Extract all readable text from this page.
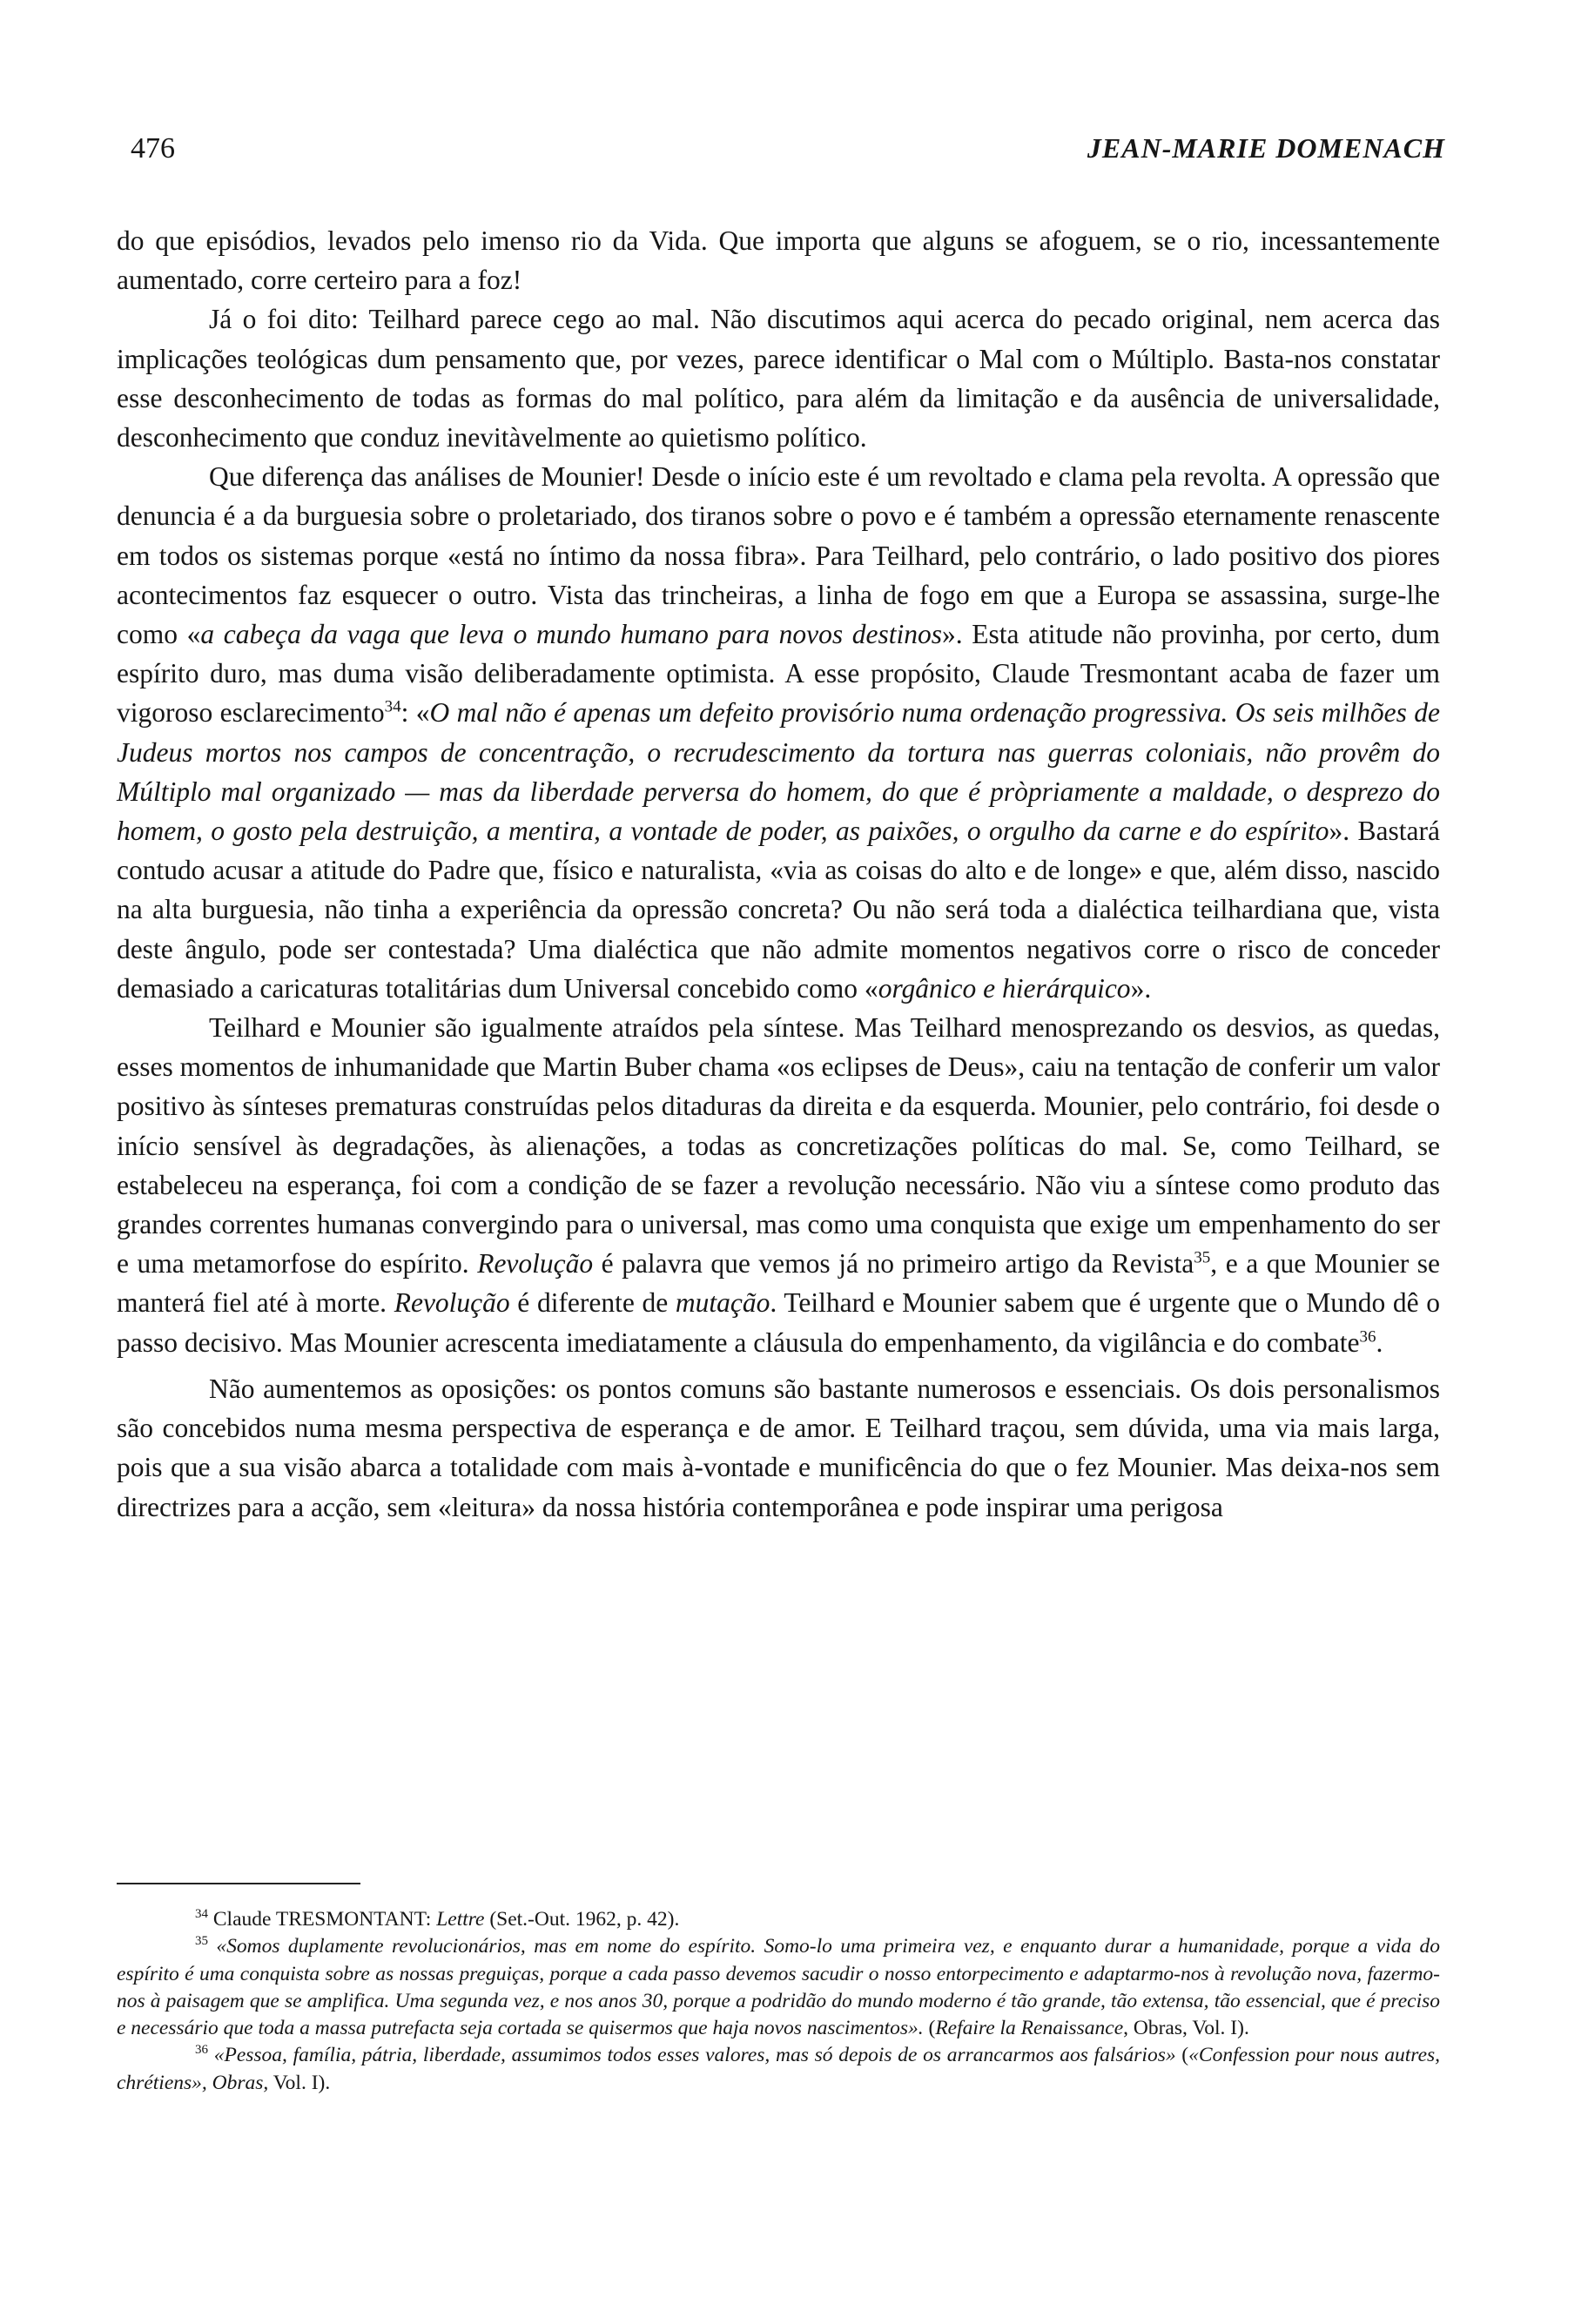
476	JEAN-MARIE DOMENACH

do que episódios, levados pelo imenso rio da Vida. Que importa que alguns se afoguem, se o rio, incessantemente aumentado, corre certeiro para a foz!

Já o foi dito: Teilhard parece cego ao mal. Não discutimos aqui acerca do pecado original, nem acerca das implicações teológicas dum pensamento que, por vezes, parece identificar o Mal com o Múltiplo. Basta-nos constatar esse desconhecimento de todas as formas do mal político, para além da limitação e da ausência de universalidade, desconhecimento que conduz inevitàvelmente ao quietismo político.

Que diferença das análises de Mounier! Desde o início este é um revoltado e clama pela revolta. A opressão que denuncia é a da burguesia sobre o proletariado, dos tiranos sobre o povo e é também a opressão eternamente renascente em todos os sistemas porque «está no íntimo da nossa fibra». Para Teilhard, pelo contrário, o lado positivo dos piores acontecimentos faz esquecer o outro. Vista das trincheiras, a linha de fogo em que a Europa se assassina, surge-lhe como «a cabeça da vaga que leva o mundo humano para novos destinos». Esta atitude não provinha, por certo, dum espírito duro, mas duma visão deliberadamente optimista. A esse propósito, Claude Tresmontant acaba de fazer um vigoroso esclarecimento$^{34}$: «O mal não é apenas um defeito provisório numa ordenação progressiva. Os seis milhões de Judeus mortos nos campos de concentração, o recrudescimento da tortura nas guerras coloniais, não provêm do Múltiplo mal organizado — mas da liberdade perversa do homem, do que é pròpriamente a maldade, o desprezo do homem, o gosto pela destruição, a mentira, a vontade de poder, as paixões, o orgulho da carne e do espírito». Bastará contudo acusar a atitude do Padre que, físico e naturalista, «via as coisas do alto e de longe» e que, além disso, nascido na alta burguesia, não tinha a experiência da opressão concreta? Ou não será toda a dialéctica teilhardiana que, vista deste ângulo, pode ser contestada? Uma dialéctica que não admite momentos negativos corre o risco de conceder demasiado a caricaturas totalitárias dum Universal concebido como «orgânico e hierárquico».

Teilhard e Mounier são igualmente atraídos pela síntese. Mas Teilhard menosprezando os desvios, as quedas, esses momentos de inhumanidade que Martin Buber chama «os eclipses de Deus», caiu na tentação de conferir um valor positivo às sínteses prematuras construídas pelos ditaduras da direita e da esquerda. Mounier, pelo contrário, foi desde o início sensível às degradações, às alienações, a todas as concretizações políticas do mal. Se, como Teilhard, se estabeleceu na esperança, foi com a condição de se fazer a revolução necessário. Não viu a síntese como produto das grandes correntes humanas convergindo para o universal, mas como uma conquista que exige um empenhamento do ser e uma metamorfose do espírito. Revolução é palavra que vemos já no primeiro artigo da Revista$^{35}$, e a que Mounier se manterá fiel até à morte. Revolução é diferente de mutação. Teilhard e Mounier sabem que é urgente que o Mundo dê o passo decisivo. Mas Mounier acrescenta imediatamente a cláusula do empenhamento, da vigilância e do combate$^{36}$.

Não aumentemos as oposições: os pontos comuns são bastante numerosos e essenciais. Os dois personalismos são concebidos numa mesma perspectiva de esperança e de amor. E Teilhard traçou, sem dúvida, uma via mais larga, pois que a sua visão abarca a totalidade com mais à-vontade e munificência do que o fez Mounier. Mas deixa-nos sem directrizes para a acção, sem «leitura» da nossa história contemporânea e pode inspirar uma perigosa

$^{34}$ Claude TRESMONTANT: Lettre (Set.-Out. 1962, p. 42).

$^{35}$ «Somos duplamente revolucionários, mas em nome do espírito. Somo-lo uma primeira vez, e enquanto durar a humanidade, porque a vida do espírito é uma conquista sobre as nossas preguiças, porque a cada passo devemos sacudir o nosso entorpecimento e adaptarmo-nos à revolução nova, fazermo-nos à paisagem que se amplifica. Uma segunda vez, e nos anos 30, porque a podridão do mundo moderno é tão grande, tão extensa, tão essencial, que é preciso e necessário que toda a massa putrefacta seja cortada se quisermos que haja novos nascimentos». (Refaire la Renaissance, Obras, Vol. I).

$^{36}$ «Pessoa, família, pátria, liberdade, assumimos todos esses valores, mas só depois de os arrancarmos aos falsários» («Confession pour nous autres, chrétiens», Obras, Vol. I).
